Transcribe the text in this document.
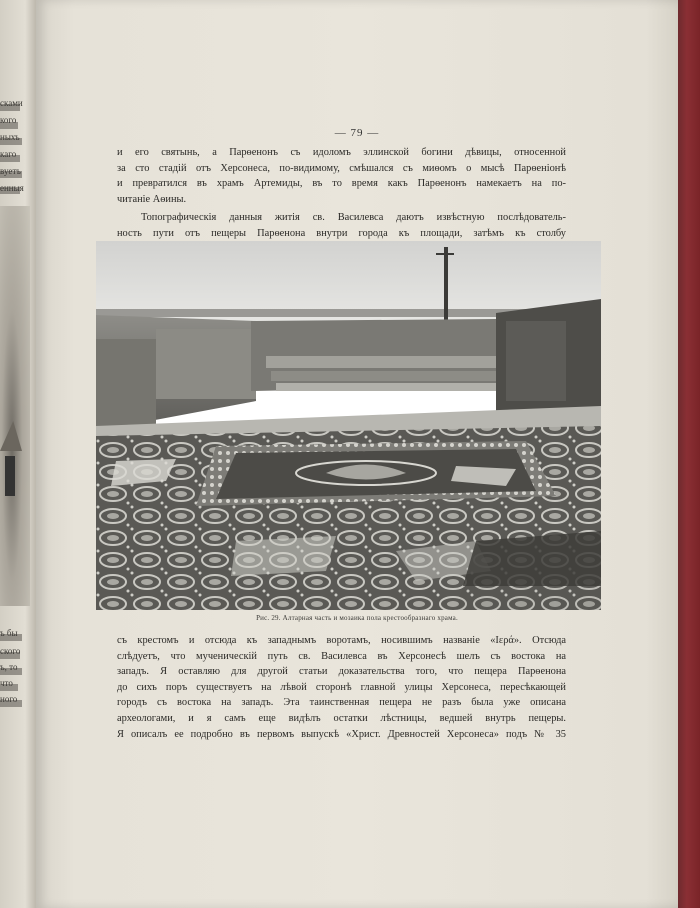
— 79 —

и его святынь, а Парѳенонъ съ идоломъ эллинской богини дѣвицы, относенной
за сто стадій отъ Херсонеса, по-видимому, смѣшался съ миѳомъ о мысѣ Парѳеніонѣ
и превратился въ храмъ Артемиды, въ то время какъ Парѳенонъ намекаетъ на по-
читаніе Аѳины.

Топографическія данныя житія св. Василевса даютъ извѣстную послѣдователь-
ность пути отъ пещеры Парѳенона внутри города къ площади, затѣмъ къ столбу

Рис. 29. Алтарная часть и мозаика пола крестообразнаго храма.

съ крестомъ и отсюда къ западнымъ воротамъ, носившимъ названіе «Iερά». Отсюда
слѣдуетъ, что мученическій путь св. Василевса въ Херсонесѣ шелъ съ востока на
западъ. Я оставляю для другой статьи доказательства того, что пещера Парѳенона
до сихъ поръ существуетъ на лѣвой сторонѣ главной улицы Херсонеса, пересѣкающей
городъ съ востока на западъ. Эта таинственная пещера не разъ была уже описана
археологами, и я самъ еще видѣлъ остатки лѣстницы, ведшей внутрь пещеры.
Я описалъ ее подробно въ первомъ выпускѣ «Христ. Древностей Херсонеса» подъ № 35

сками
кого
ныхъ
каго
вуетъ
енныя
ъ бы
ского
ъ, то
что
ного
